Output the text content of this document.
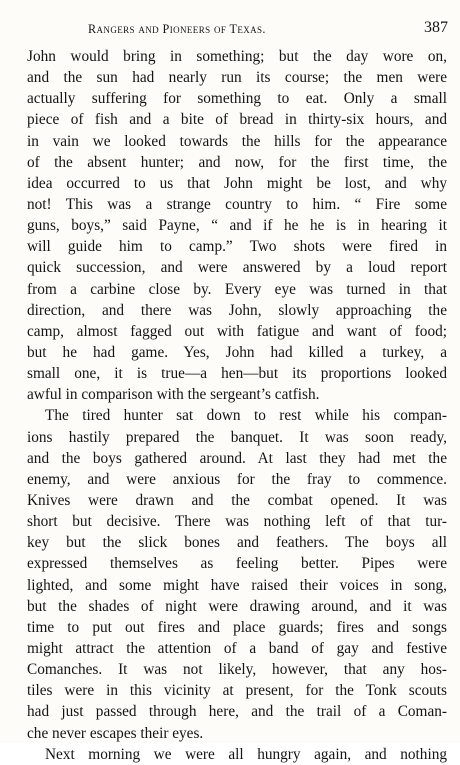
Rangers and Pioneers of Texas.	387
John would bring in something; but the day wore on,
and the sun had nearly run its course; the men were
actually suffering for something to eat. Only a small
piece of fish and a bite of bread in thirty-six hours, and
in vain we looked towards the hills for the appearance
of the absent hunter; and now, for the first time, the
idea occurred to us that John might be lost, and why
not! This was a strange country to him. “ Fire some
guns, boys,” said Payne, “ and if he he is in hearing it
will guide him to camp.” Two shots were fired in
quick succession, and were answered by a loud report
from a carbine close by. Every eye was turned in that
direction, and there was John, slowly approaching the
camp, almost fagged out with fatigue and want of food;
but he had game. Yes, John had killed a turkey, a
small one, it is true—a hen—but its proportions looked
awful in comparison with the sergeant’s catfish.
The tired hunter sat down to rest while his compan-
ions hastily prepared the banquet. It was soon ready,
and the boys gathered around. At last they had met the
enemy, and were anxious for the fray to commence.
Knives were drawn and the combat opened. It was
short but decisive. There was nothing left of that tur-
key but the slick bones and feathers. The boys all
expressed themselves as feeling better. Pipes were
lighted, and some might have raised their voices in song,
but the shades of night were drawing around, and it was
time to put out fires and place guards; fires and songs
might attract the attention of a band of gay and festive
Comanches. It was not likely, however, that any hos-
tiles were in this vicinity at present, for the Tonk scouts
had just passed through here, and the trail of a Coman-
che never escapes their eyes.
Next morning we were all hungry again, and nothing
